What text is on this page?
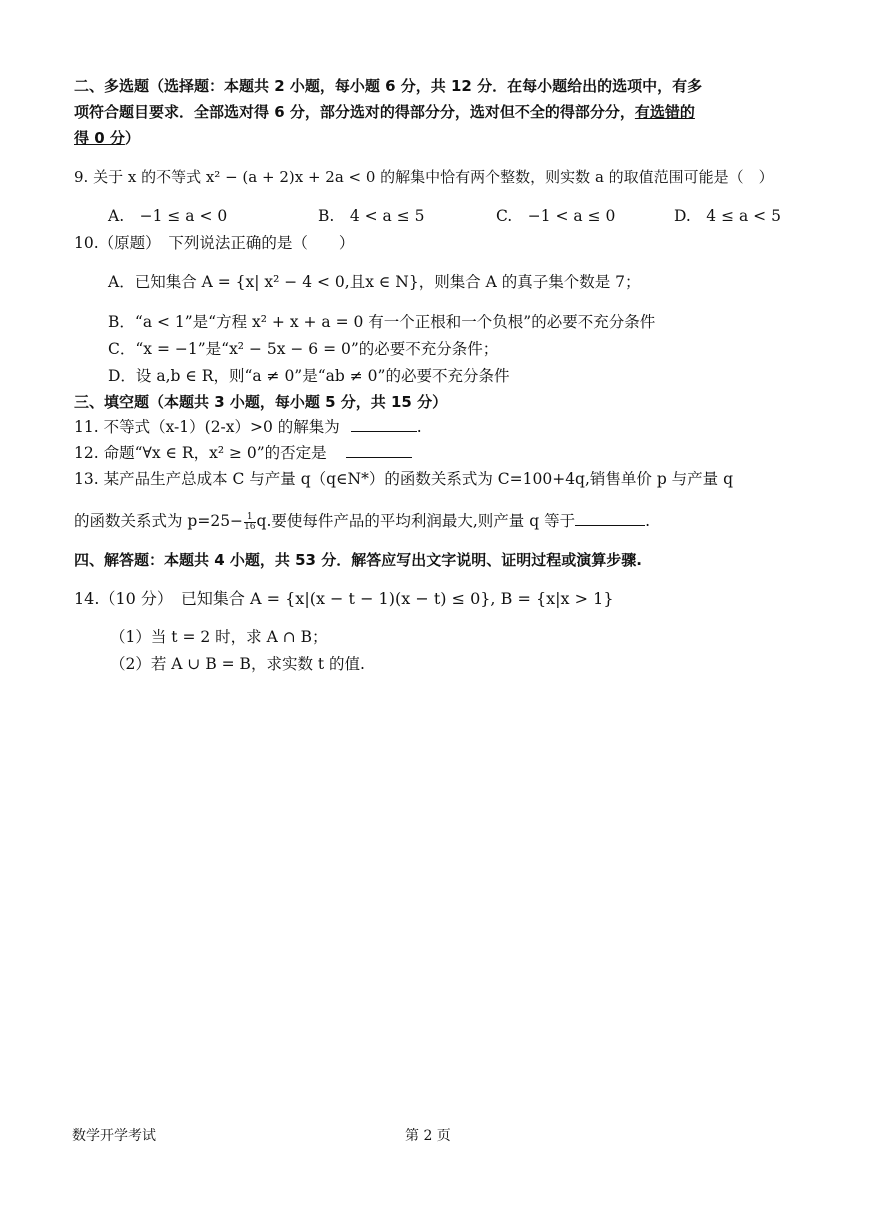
二、多选题（选择题：本题共 2 小题，每小题 6 分，共 12 分．在每小题给出的选项中，有多
项符合题目要求．全部选对得 6 分，部分选对的得部分分，选对但不全的得部分分，有选错的
得 0 分）
9. 关于 x 的不等式 x² − (a + 2)x + 2a < 0 的解集中恰有两个整数，则实数 a 的取值范围可能是（　）
A.　−1 ≤ a < 0	B.　4 < a ≤ 5	C.　−1 < a ≤ 0	D.　4 ≤ a < 5
10.（原题）　下列说法正确的是（　　）
A．已知集合 A = {x| x² − 4 < 0,且x ∈ N}，则集合 A 的真子集个数是 7；
B．“a < 1”是“方程 x² + x + a = 0 有一个正根和一个负根”的必要不充分条件
C．“x = −1”是“x² − 5x − 6 = 0”的必要不充分条件；
D．设 a,b ∈ R，则“a ≠ 0”是“ab ≠ 0”的必要不充分条件
三、填空题（本题共 3 小题，每小题 5 分，共 15 分）
11. 不等式（x-1）(2-x）>0 的解集为	.
12. 命题“∀x ∈ R，x² ≥ 0”的否定是
13. 某产品生产总成本 C 与产量 q（q∈N*）的函数关系式为 C=100+4q,销售单价 p 与产量 q
的函数关系式为 $p=25- \frac{1}{16} q$.要使每件产品的平均利润最大,则产量 q 等于	.
四、解答题：本题共 4 小题，共 53 分．解答应写出文字说明、证明过程或演算步骤.
14.（10 分）　已知集合 A = {x|(x − t − 1)(x − t) ≤ 0}, B = {x|x > 1}
（1）当 t = 2 时，求 A ∩ B；
（2）若 A ∪ B = B，求实数 t 的值.
数学开学考试	第 2 页
